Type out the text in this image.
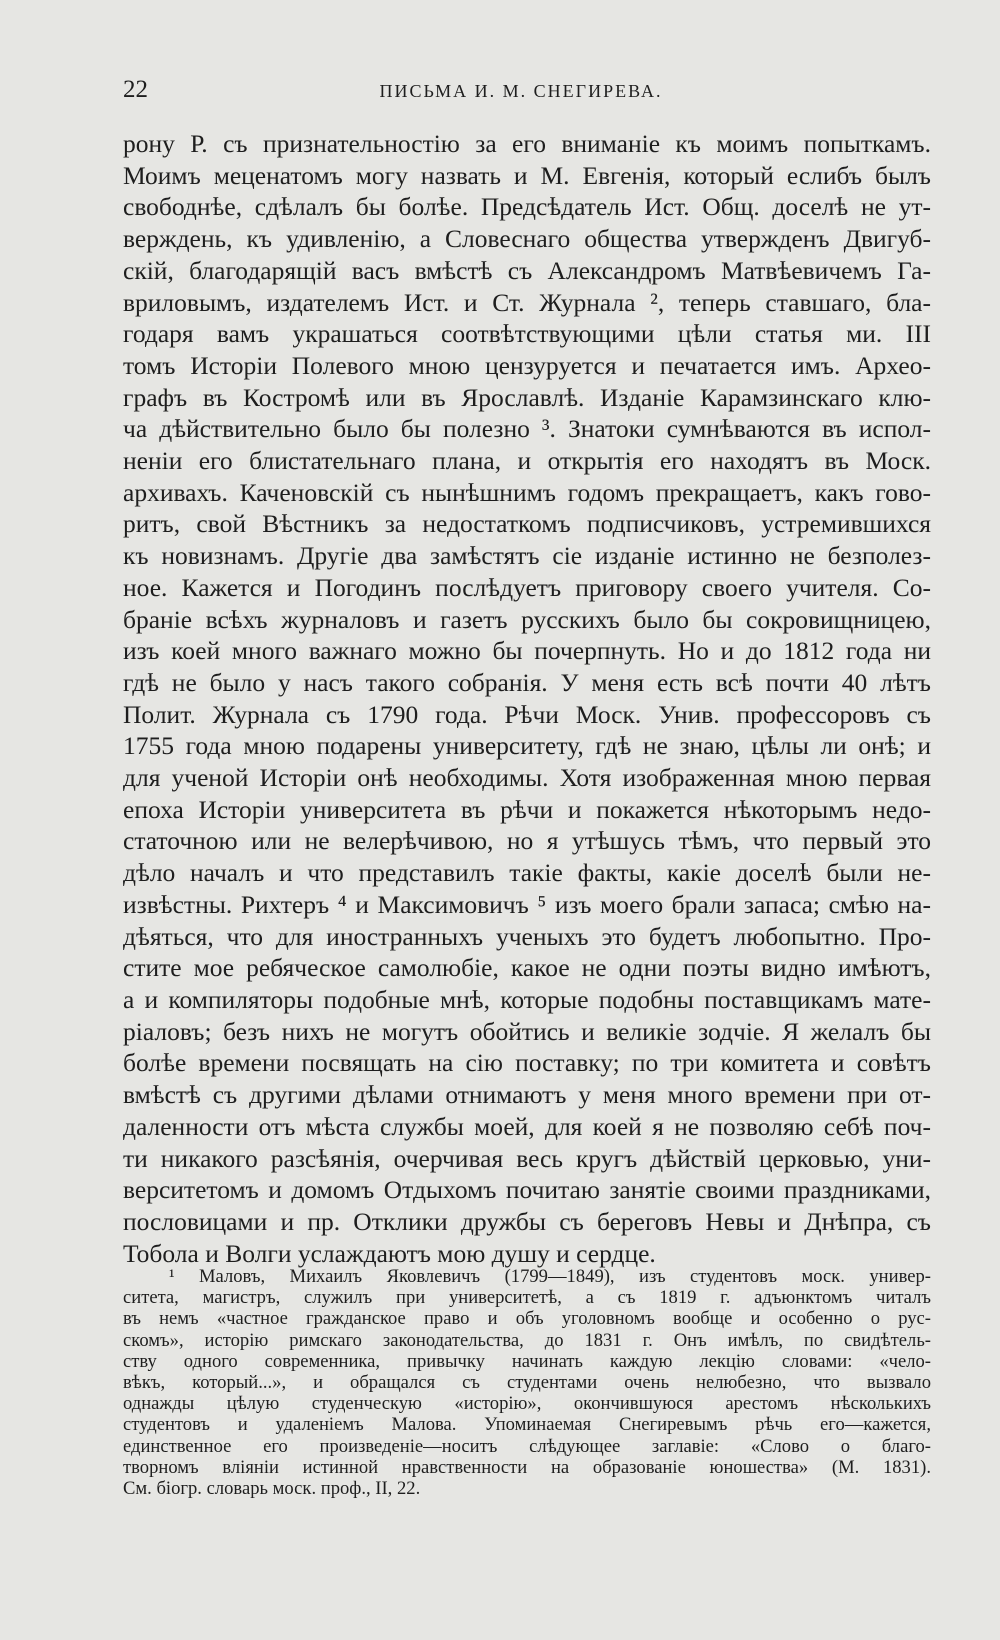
22	ПИСЬМА И. М. СНЕГИРЕВА.
рону Р. съ признательностію за его вниманіе къ моимъ попыткамъ.
Моимъ меценатомъ могу назвать и М. Евгенія, который еслибъ былъ
свободнѣе, сдѣлалъ бы болѣе. Предсѣдатель Ист. Общ. доселѣ не ут-
верждень, къ удивленію, а Словеснаго общества утвержденъ Двигуб-
скій, благодарящій васъ вмѣстѣ съ Александромъ Матвѣевичемъ Га-
вриловымъ, издателемъ Ист. и Ст. Журнала ², теперь ставшаго, бла-
годаря вамъ украшаться соотвѣтствующими цѣли статья ми. III
томъ Исторіи Полевого мною цензуруется и печатается имъ. Архео-
графъ въ Костромѣ или въ Ярославлѣ. Изданіе Карамзинскаго клю-
ча дѣйствительно было бы полезно ³. Знатоки сумнѣваются въ испол-
неніи его блистательнаго плана, и открытія его находятъ въ Моск.
архивахъ. Каченовскій съ нынѣшнимъ годомъ прекращаетъ, какъ гово-
ритъ, свой Вѣстникъ за недостаткомъ подписчиковъ, устремившихся
къ новизнамъ. Другіе два замѣстятъ сіе изданіе истинно не безполез-
ное. Кажется и Погодинъ послѣдуетъ приговору своего учителя. Со-
браніе всѣхъ журналовъ и газетъ русскихъ было бы сокровищницею,
изъ коей много важнаго можно бы почерпнуть. Но и до 1812 года ни
гдѣ не было у насъ такого собранія. У меня есть всѣ почти 40 лѣтъ
Полит. Журнала съ 1790 года. Рѣчи Моск. Унив. профессоровъ съ
1755 года мною подарены университету, гдѣ не знаю, цѣлы ли онѣ; и
для ученой Исторіи онѣ необходимы. Хотя изображенная мною первая
епоха Исторіи университета въ рѣчи и покажется нѣкоторымъ недо-
статочною или не велерѣчивою, но я утѣшусь тѣмъ, что первый это
дѣло началъ и что представилъ такіе факты, какіе доселѣ были не-
извѣстны. Рихтеръ ⁴ и Максимовичъ ⁵ изъ моего брали запаса; смѣю на-
дѣяться, что для иностранныхъ ученыхъ это будетъ любопытно. Про-
стите мое ребяческое самолюбіе, какое не одни поэты видно имѣютъ,
а и компиляторы подобные мнѣ, которые подобны поставщикамъ мате-
ріаловъ; безъ нихъ не могутъ обойтись и великіе зодчіе. Я желалъ бы
болѣе времени посвящать на сію поставку; по три комитета и совѣтъ
вмѣстѣ съ другими дѣлами отнимаютъ у меня много времени при от-
даленности отъ мѣста службы моей, для коей я не позволяю себѣ поч-
ти никакого разсѣянія, очерчивая весь кругъ дѣйствій церковью, уни-
верситетомъ и домомъ Отдыхомъ почитаю занятіе своими праздниками,
пословицами и пр. Отклики дружбы съ береговъ Невы и Днѣпра, съ
Тобола и Волги услаждаютъ мою душу и сердце.
¹ Маловъ, Михаилъ Яковлевичъ (1799—1849), изъ студентовъ моск. универ-
ситета, магистръ, служилъ при университетѣ, а съ 1819 г. адъюнктомъ читалъ
въ немъ «частное гражданское право и объ уголовномъ вообще и особенно о рус-
скомъ», исторію римскаго законодательства, до 1831 г. Онъ имѣлъ, по свидѣтель-
ству одного современника, привычку начинать каждую лекцію словами: «чело-
вѣкъ, который...», и обращался съ студентами очень нелюбезно, что вызвало
однажды цѣлую студенческую «исторію», окончившуюся арестомъ нѣсколькихъ
студентовъ и удаленіемъ Малова. Упоминаемая Снегиревымъ рѣчь его—кажется,
единственное его произведеніе—носитъ слѣдующее заглавіе: «Слово о благо-
творномъ вліяніи истинной нравственности на образованіе юношества» (М. 1831).
См. біогр. словарь моск. проф., II, 22.
